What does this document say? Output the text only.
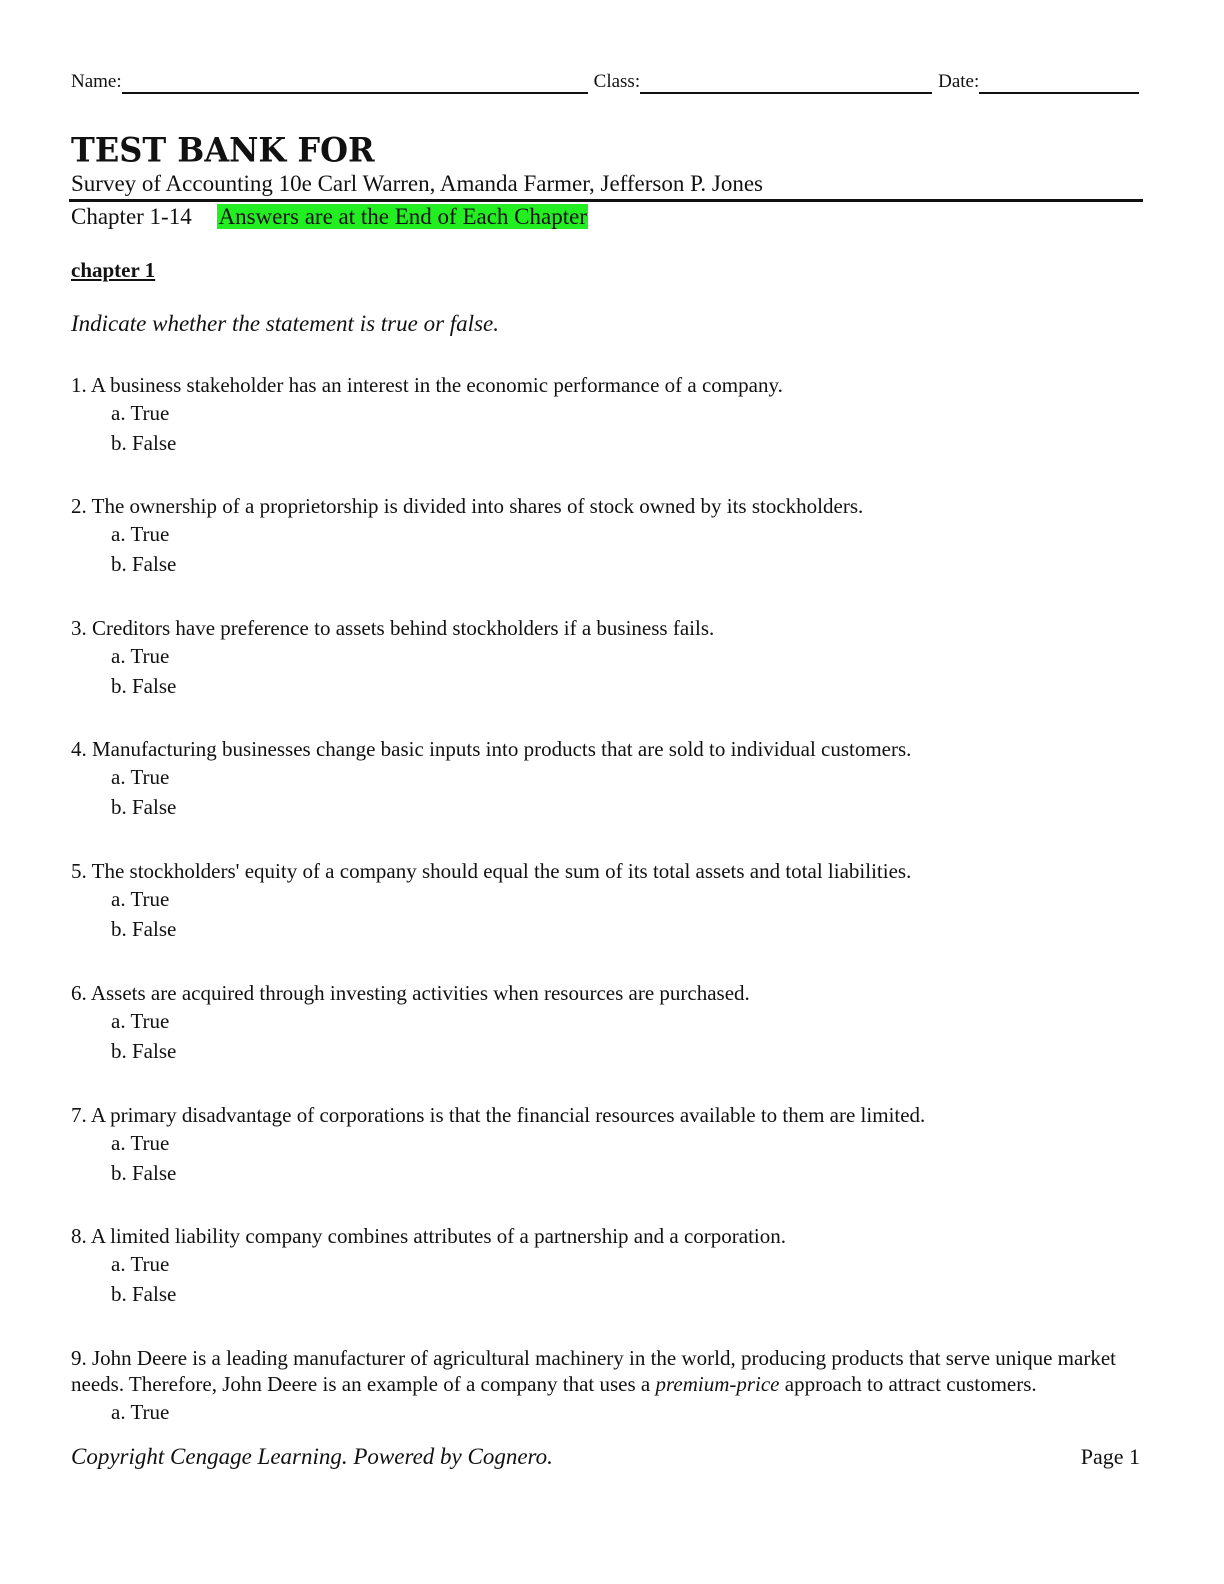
Name:	Class:	Date:
TEST BANK FOR
Survey of Accounting 10e Carl Warren, Amanda Farmer, Jefferson P. Jones
Chapter 1-14 Answers are at the End of Each Chapter
chapter 1
Indicate whether the statement is true or false.
1. A business stakeholder has an interest in the economic performance of a company.
a. True
b. False
2. The ownership of a proprietorship is divided into shares of stock owned by its stockholders.
a. True
b. False
3. Creditors have preference to assets behind stockholders if a business fails.
a. True
b. False
4. Manufacturing businesses change basic inputs into products that are sold to individual customers.
a. True
b. False
5. The stockholders' equity of a company should equal the sum of its total assets and total liabilities.
a. True
b. False
6. Assets are acquired through investing activities when resources are purchased.
a. True
b. False
7. A primary disadvantage of corporations is that the financial resources available to them are limited.
a. True
b. False
8. A limited liability company combines attributes of a partnership and a corporation.
a. True
b. False
9. John Deere is a leading manufacturer of agricultural machinery in the world, producing products that serve unique market needs. Therefore, John Deere is an example of a company that uses a premium-price approach to attract customers.
a. True
Copyright Cengage Learning. Powered by Cognero.	Page 1
